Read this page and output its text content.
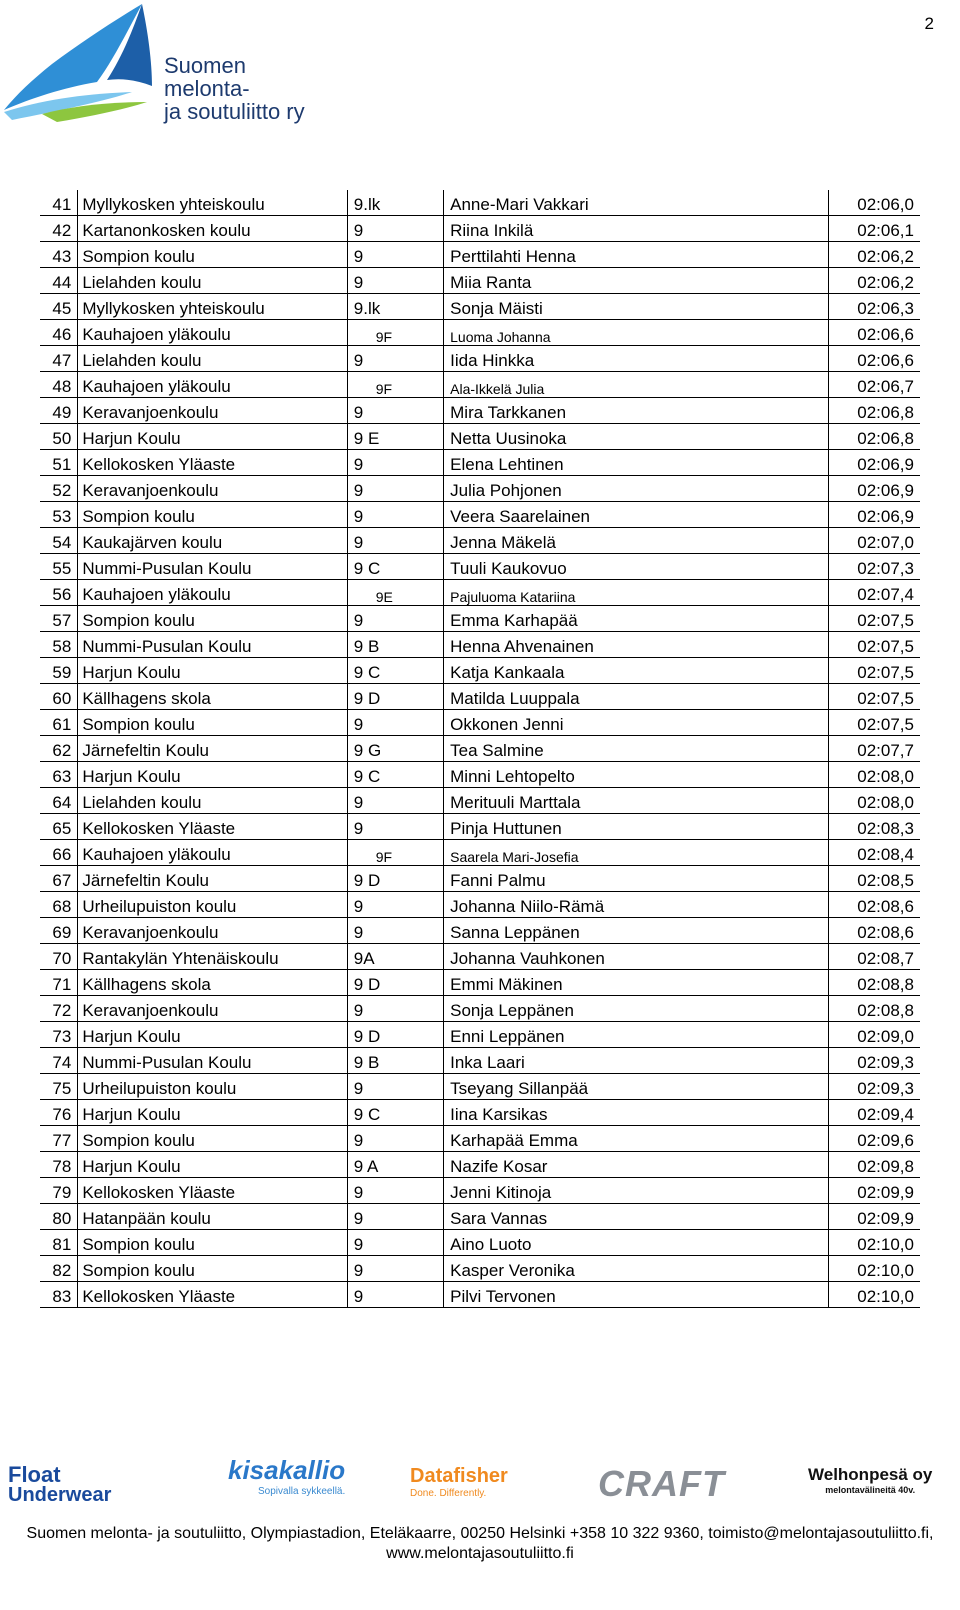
2
Suomen
melonta-
ja soutuliitto ry
41	Myllykosken yhteiskoulu	9.lk	Anne-Mari Vakkari	02:06,0
42	Kartanonkosken koulu	9	Riina Inkilä	02:06,1
43	Sompion koulu	9	Perttilahti Henna	02:06,2
44	Lielahden koulu	9	Miia Ranta	02:06,2
45	Myllykosken yhteiskoulu	9.lk	Sonja Mäisti	02:06,3
46	Kauhajoen yläkoulu	9F	Luoma Johanna	02:06,6
47	Lielahden koulu	9	Iida Hinkka	02:06,6
48	Kauhajoen yläkoulu	9F	Ala-Ikkelä Julia	02:06,7
49	Keravanjoenkoulu	9	Mira Tarkkanen	02:06,8
50	Harjun Koulu	9 E	Netta Uusinoka	02:06,8
51	Kellokosken Yläaste	9	Elena Lehtinen	02:06,9
52	Keravanjoenkoulu	9	Julia Pohjonen	02:06,9
53	Sompion koulu	9	Veera Saarelainen	02:06,9
54	Kaukajärven koulu	9	Jenna Mäkelä	02:07,0
55	Nummi-Pusulan Koulu	9 C	Tuuli Kaukovuo	02:07,3
56	Kauhajoen yläkoulu	9E	Pajuluoma Katariina	02:07,4
57	Sompion koulu	9	Emma Karhapää	02:07,5
58	Nummi-Pusulan Koulu	9 B	Henna Ahvenainen	02:07,5
59	Harjun Koulu	9 C	Katja Kankaala	02:07,5
60	Källhagens skola	9 D	Matilda Luuppala	02:07,5
61	Sompion koulu	9	Okkonen Jenni	02:07,5
62	Järnefeltin Koulu	9 G	Tea Salmine	02:07,7
63	Harjun Koulu	9 C	Minni Lehtopelto	02:08,0
64	Lielahden koulu	9	Merituuli Marttala	02:08,0
65	Kellokosken Yläaste	9	Pinja Huttunen	02:08,3
66	Kauhajoen yläkoulu	9F	Saarela Mari-Josefia	02:08,4
67	Järnefeltin Koulu	9 D	Fanni Palmu	02:08,5
68	Urheilupuiston koulu	9	Johanna Niilo-Rämä	02:08,6
69	Keravanjoenkoulu	9	Sanna Leppänen	02:08,6
70	Rantakylän Yhtenäiskoulu	9A	Johanna Vauhkonen	02:08,7
71	Källhagens skola	9 D	Emmi Mäkinen	02:08,8
72	Keravanjoenkoulu	9	Sonja Leppänen	02:08,8
73	Harjun Koulu	9 D	Enni Leppänen	02:09,0
74	Nummi-Pusulan Koulu	9 B	Inka Laari	02:09,3
75	Urheilupuiston koulu	9	Tseyang Sillanpää	02:09,3
76	Harjun Koulu	9 C	Iina Karsikas	02:09,4
77	Sompion koulu	9	Karhapää Emma	02:09,6
78	Harjun Koulu	9 A	Nazife Kosar	02:09,8
79	Kellokosken Yläaste	9	Jenni Kitinoja	02:09,9
80	Hatanpään koulu	9	Sara Vannas	02:09,9
81	Sompion koulu	9	Aino Luoto	02:10,0
82	Sompion koulu	9	Kasper Veronika	02:10,0
83	Kellokosken Yläaste	9	Pilvi Tervonen	02:10,0
Float
Underwear
kisakallio
Sopivalla sykkeellä.
Datafisher
Done. Differently.	CRAFT	Welhonpesä oy
melontavälineitä 40v.
Suomen melonta- ja soutuliitto, Olympiastadion, Eteläkaarre, 00250 Helsinki +358 10 322 9360, toimisto@melontajasoutuliitto.fi,
www.melontajasoutuliitto.fi
